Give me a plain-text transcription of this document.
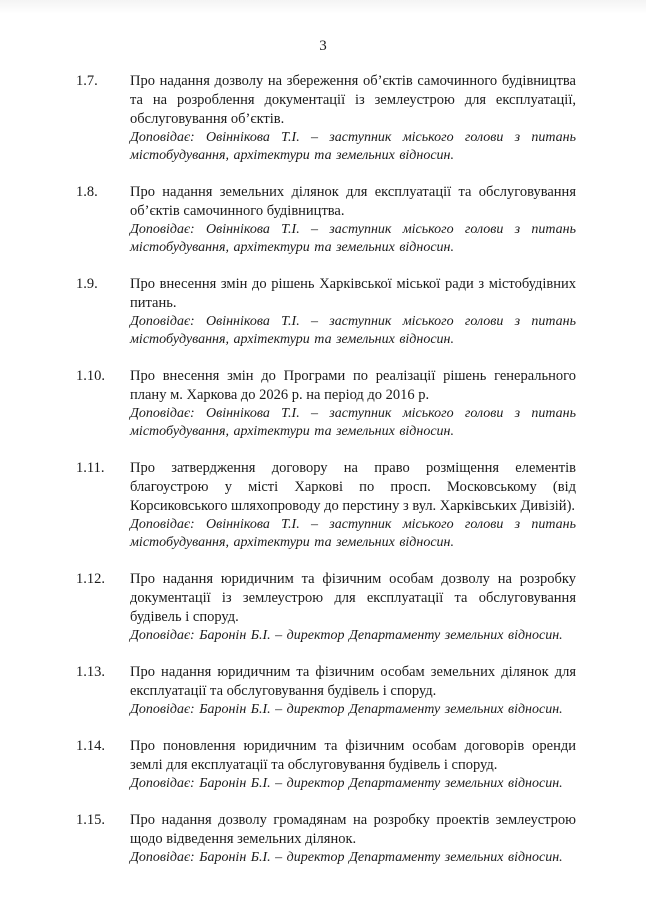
3
1.7. Про надання дозволу на збереження об’єктів самочинного будівництва та на розроблення документації із землеустрою для експлуатації, обслуговування об’єктів.

Доповідає: Овіннікова Т.І. – заступник міського голови з питань містобудування, архітектури та земельних відносин.

1.8. Про надання земельних ділянок для експлуатації та обслуговування об’єктів самочинного будівництва.

Доповідає: Овіннікова Т.І. – заступник міського голови з питань містобудування, архітектури та земельних відносин.

1.9. Про внесення змін до рішень Харківської міської ради з містобудівних питань.

Доповідає: Овіннікова Т.І. – заступник міського голови з питань містобудування, архітектури та земельних відносин.

1.10. Про внесення змін до Програми по реалізації рішень генерального плану м. Харкова до 2026 р. на період до 2016 р.

Доповідає: Овіннікова Т.І. – заступник міського голови з питань містобудування, архітектури та земельних відносин.

1.11. Про затвердження договору на право розміщення елементів благоустрою у місті Харкові по просп. Московському (від Корсиковського шляхопроводу до перстину з вул. Харківських Дивізій).

Доповідає: Овіннікова Т.І. – заступник міського голови з питань містобудування, архітектури та земельних відносин.

1.12. Про надання юридичним та фізичним особам дозволу на розробку документації із землеустрою для експлуатації та обслуговування будівель і споруд.

Доповідає: Баронін Б.І. – директор Департаменту земельних відносин.

1.13. Про надання юридичним та фізичним особам земельних ділянок для експлуатації та обслуговування будівель і споруд.

Доповідає: Баронін Б.І. – директор Департаменту земельних відносин.

1.14. Про поновлення юридичним та фізичним особам договорів оренди землі для експлуатації та обслуговування будівель і споруд.

Доповідає: Баронін Б.І. – директор Департаменту земельних відносин.

1.15. Про надання дозволу громадянам на розробку проектів землеустрою щодо відведення земельних ділянок.

Доповідає: Баронін Б.І. – директор Департаменту земельних відносин.
